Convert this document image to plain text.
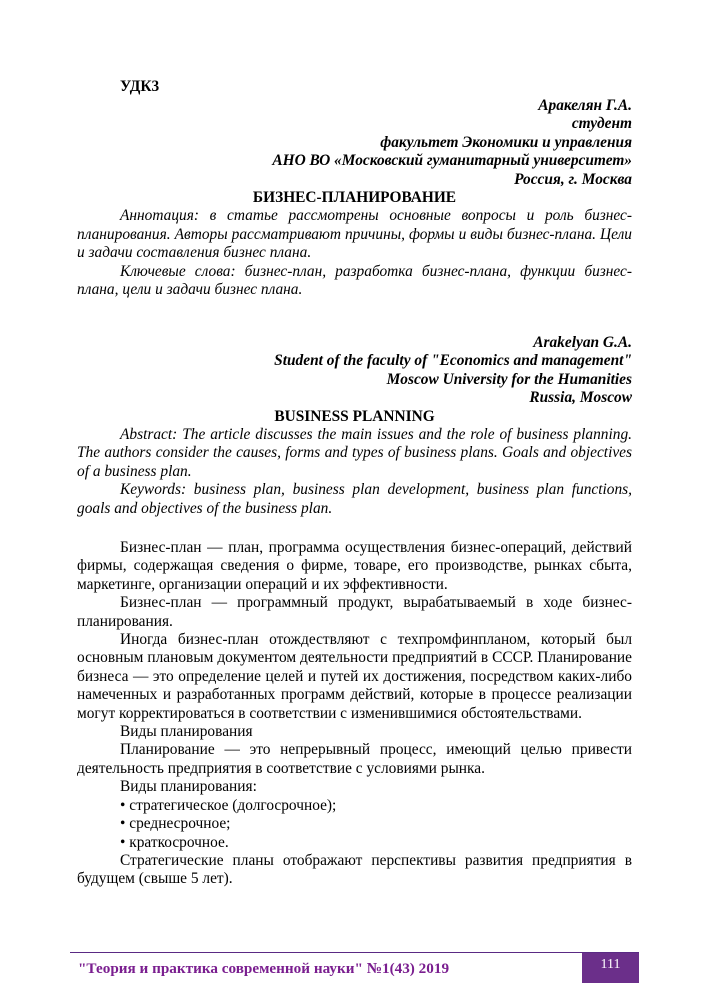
УДК3
Аракелян Г.А.
студент
факультет Экономики и управления
АНО ВО «Московский гуманитарный университет»
Россия, г. Москва
БИЗНЕС-ПЛАНИРОВАНИЕ

Аннотация: в статье рассмотрены основные вопросы и роль бизнес-планирования. Авторы рассматривают причины, формы и виды бизнес-плана. Цели и задачи составления бизнес плана.

Ключевые слова: бизнес-план, разработка бизнес-плана, функции бизнес-плана, цели и задачи бизнес плана.

Arakelyan G.A.
Student of the faculty of "Economics and management"
Moscow University for the Humanities
Russia, Moscow
BUSINESS PLANNING

Abstract: The article discusses the main issues and the role of business planning. The authors consider the causes, forms and types of business plans. Goals and objectives of a business plan.

Keywords: business plan, business plan development, business plan functions, goals and objectives of the business plan.

Бизнес-план — план, программа осуществления бизнес-операций, действий фирмы, содержащая сведения о фирме, товаре, его производстве, рынках сбыта, маркетинге, организации операций и их эффективности.

Бизнес-план — программный продукт, вырабатываемый в ходе бизнес-планирования.

Иногда бизнес-план отождествляют с техпромфинпланом, который был основным плановым документом деятельности предприятий в СССР. Планирование бизнеса — это определение целей и путей их достижения, посредством каких-либо намеченных и разработанных программ действий, которые в процессе реализации могут корректироваться в соответствии с изменившимися обстоятельствами.

Виды планирования

Планирование — это непрерывный процесс, имеющий целью привести деятельность предприятия в соответствие с условиями рынка.

Виды планирования:

• стратегическое (долгосрочное);

• среднесрочное;

• краткосрочное.

Стратегические планы отображают перспективы развития предприятия в будущем (свыше 5 лет).

"Теория и практика современной науки" №1(43) 2019	111
